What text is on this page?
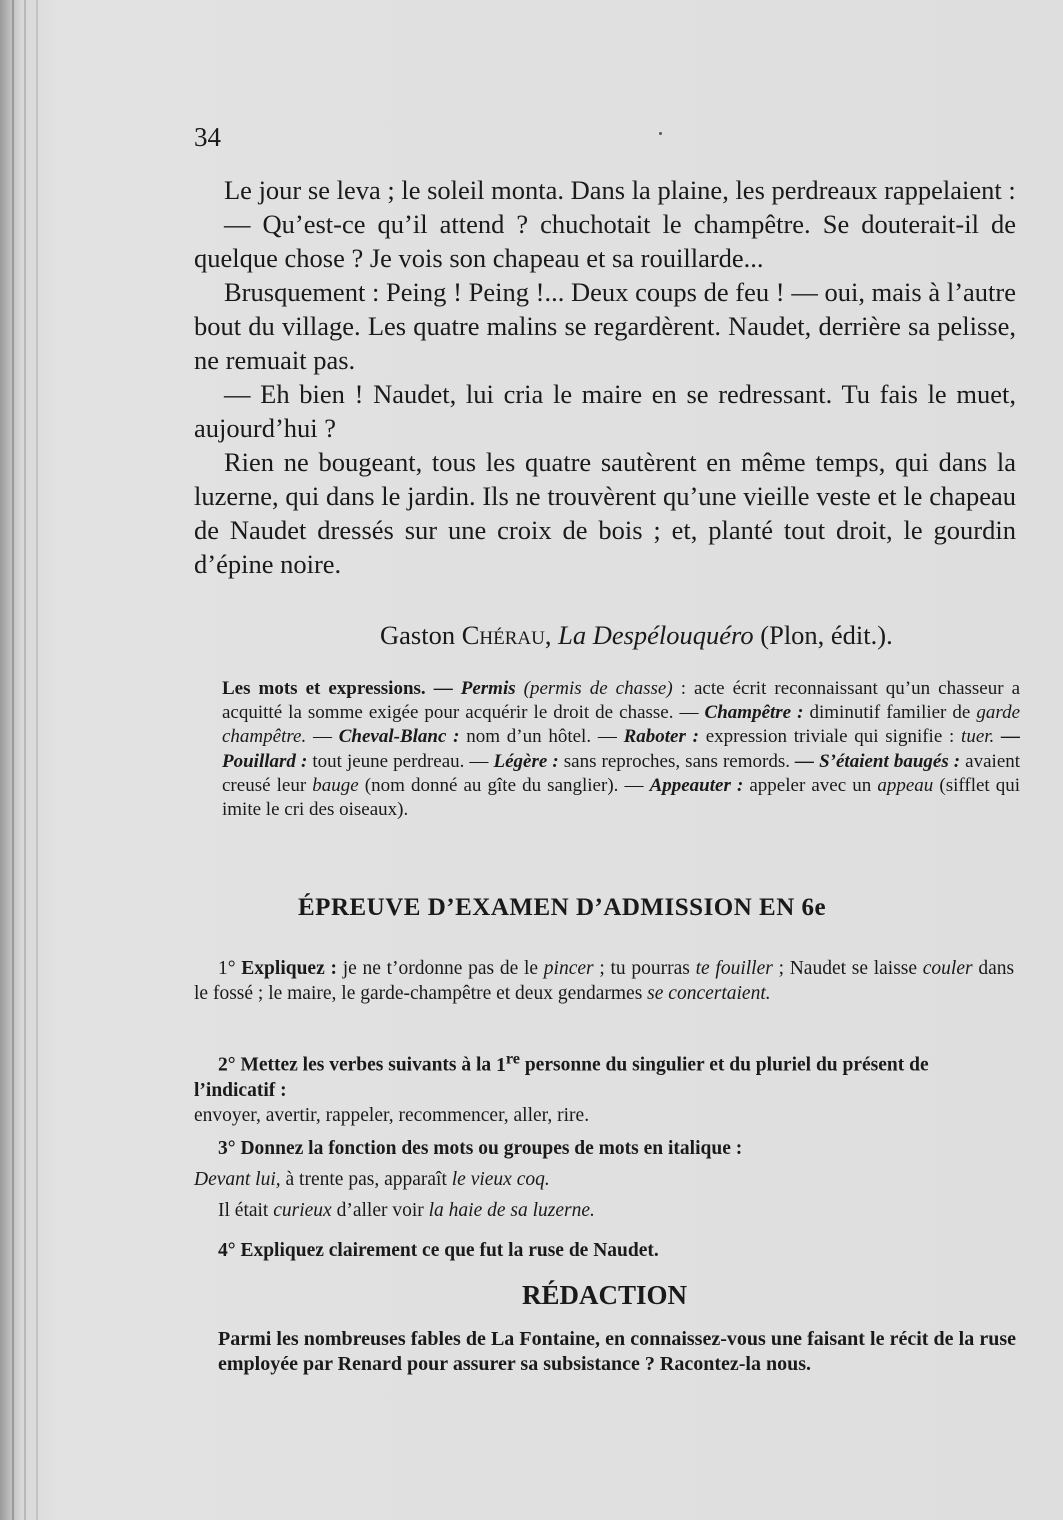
34

Le jour se leva ; le soleil monta. Dans la plaine, les perdreaux rappelaient :

— Qu’est-ce qu’il attend ? chuchotait le champêtre. Se douterait-il de quelque chose ? Je vois son chapeau et sa rouillarde...

Brusquement : Peing ! Peing !... Deux coups de feu ! — oui, mais à l’autre bout du village. Les quatre malins se regardèrent. Naudet, derrière sa pelisse, ne remuait pas.

— Eh bien ! Naudet, lui cria le maire en se redressant. Tu fais le muet, aujourd’hui ?

Rien ne bougeant, tous les quatre sautèrent en même temps, qui dans la luzerne, qui dans le jardin. Ils ne trouvèrent qu’une vieille veste et le chapeau de Naudet dressés sur une croix de bois ; et, planté tout droit, le gourdin d’épine noire.

Gaston Chérau, La Despélouquéro (Plon, édit.).
Les mots et expressions. — Permis (permis de chasse) : acte écrit reconnaissant qu’un chasseur a acquitté la somme exigée pour acquérir le droit de chasse. — Champêtre : diminutif familier de garde champêtre. — Cheval-Blanc : nom d’un hôtel. — Raboter : expression triviale qui signifie : tuer. — Pouillard : tout jeune perdreau. — Légère : sans reproches, sans remords. — S’étaient baugés : avaient creusé leur bauge (nom donné au gîte du sanglier). — Appeauter : appeler avec un appeau (sifflet qui imite le cri des oiseaux).
ÉPREUVE D’EXAMEN D’ADMISSION EN 6e
1° Expliquez : je ne t’ordonne pas de le pincer ; tu pourras te fouiller ; Naudet se laisse couler dans le fossé ; le maire, le garde-champêtre et deux gendarmes se concertaient.
2° Mettez les verbes suivants à la 1re personne du singulier et du pluriel du présent de l’indicatif :
envoyer, avertir, rappeler, recommencer, aller, rire.
3° Donnez la fonction des mots ou groupes de mots en italique :
Devant lui, à trente pas, apparaît le vieux coq.
Il était curieux d’aller voir la haie de sa luzerne.
4° Expliquez clairement ce que fut la ruse de Naudet.
RÉDACTION
Parmi les nombreuses fables de La Fontaine, en connaissez-vous une faisant le récit de la ruse employée par Renard pour assurer sa subsistance ? Racontez-la nous.
